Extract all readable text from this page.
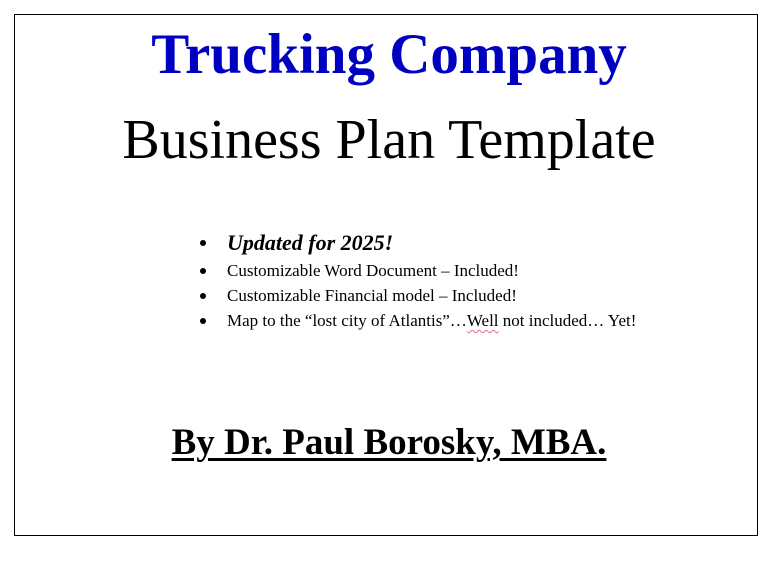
Trucking Company
Business Plan Template
Updated for 2025!
Customizable Word Document – Included!
Customizable Financial model – Included!
Map to the “lost city of Atlantis”…Well not included… Yet!

By Dr. Paul Borosky, MBA.
